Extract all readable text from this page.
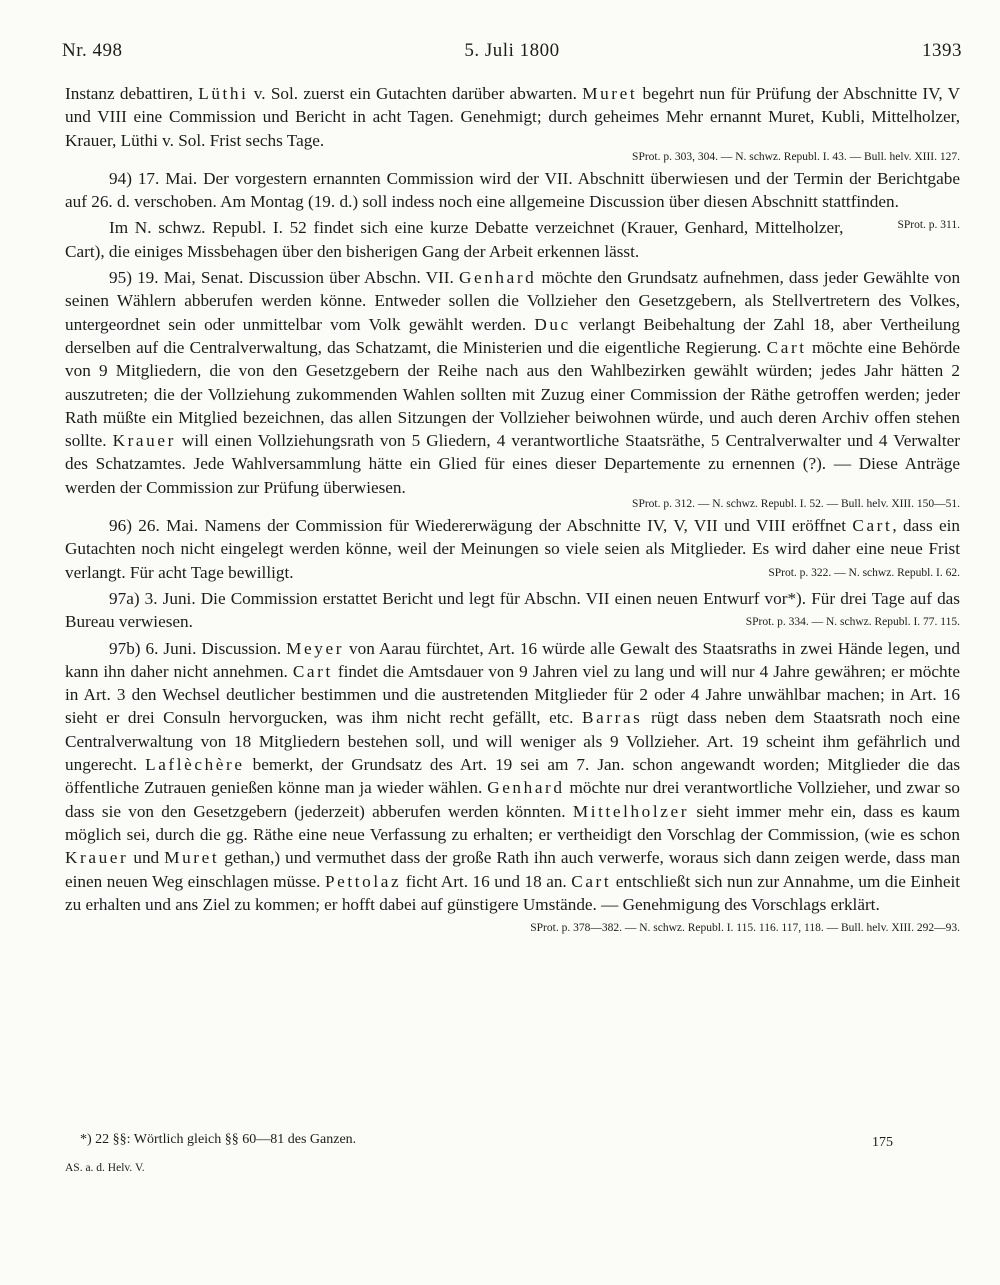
Nr. 498	5. Juli 1800	1393

Instanz debattiren, Lüthi v. Sol. zuerst ein Gutachten darüber abwarten. Muret begehrt nun für Prüfung der Abschnitte IV, V und VIII eine Commission und Bericht in acht Tagen. Genehmigt; durch geheimes Mehr ernannt Muret, Kubli, Mittelholzer, Krauer, Lüthi v. Sol. Frist sechs Tage.

SProt. p. 303, 304. — N. schwz. Republ. I. 43. — Bull. helv. XIII. 127.

94) 17. Mai. Der vorgestern ernannten Commission wird der VII. Abschnitt überwiesen und der Termin der Berichtgabe auf 26. d. verschoben. Am Montag (19. d.) soll indess noch eine allgemeine Discussion über diesen Abschnitt stattfinden.
SProt. p. 311.

Im N. schwz. Republ. I. 52 findet sich eine kurze Debatte verzeichnet (Krauer, Genhard, Mittelholzer, Cart), die einiges Missbehagen über den bisherigen Gang der Arbeit erkennen lässt.

95) 19. Mai, Senat. Discussion über Abschn. VII. Genhard möchte den Grundsatz aufnehmen, dass jeder Gewählte von seinen Wählern abberufen werden könne. Entweder sollen die Vollzieher den Gesetzgebern, als Stellvertretern des Volkes, untergeordnet sein oder unmittelbar vom Volk gewählt werden. Duc verlangt Beibehaltung der Zahl 18, aber Vertheilung derselben auf die Centralverwaltung, das Schatzamt, die Ministerien und die eigentliche Regierung. Cart möchte eine Behörde von 9 Mitgliedern, die von den Gesetzgebern der Reihe nach aus den Wahlbezirken gewählt würden; jedes Jahr hätten 2 auszutreten; die der Vollziehung zukommenden Wahlen sollten mit Zuzug einer Commission der Räthe getroffen werden; jeder Rath müßte ein Mitglied bezeichnen, das allen Sitzungen der Vollzieher beiwohnen würde, und auch deren Archiv offen stehen sollte. Krauer will einen Vollziehungsrath von 5 Gliedern, 4 verantwortliche Staatsräthe, 5 Centralverwalter und 4 Verwalter des Schatzamtes. Jede Wahlversammlung hätte ein Glied für eines dieser Departemente zu ernennen (?). — Diese Anträge werden der Commission zur Prüfung überwiesen.

SProt. p. 312. — N. schwz. Republ. I. 52. — Bull. helv. XIII. 150—51.

96) 26. Mai. Namens der Commission für Wiedererwägung der Abschnitte IV, V, VII und VIII eröffnet Cart, dass ein Gutachten noch nicht eingelegt werden könne, weil der Meinungen so viele seien als Mitglieder. Es wird daher eine neue Frist verlangt. Für acht Tage bewilligt.	SProt. p. 322. — N. schwz. Republ. I. 62.

97a) 3. Juni. Die Commission erstattet Bericht und legt für Abschn. VII einen neuen Entwurf vor*). Für drei Tage auf das Bureau verwiesen.	SProt. p. 334. — N. schwz. Republ. I. 77. 115.

97b) 6. Juni. Discussion. Meyer von Aarau fürchtet, Art. 16 würde alle Gewalt des Staatsraths in zwei Hände legen, und kann ihn daher nicht annehmen. Cart findet die Amtsdauer von 9 Jahren viel zu lang und will nur 4 Jahre gewähren; er möchte in Art. 3 den Wechsel deutlicher bestimmen und die austretenden Mitglieder für 2 oder 4 Jahre unwählbar machen; in Art. 16 sieht er drei Consuln hervorgucken, was ihm nicht recht gefällt, etc. Barras rügt dass neben dem Staatsrath noch eine Centralverwaltung von 18 Mitgliedern bestehen soll, und will weniger als 9 Vollzieher. Art. 19 scheint ihm gefährlich und ungerecht. Laflèchère bemerkt, der Grundsatz des Art. 19 sei am 7. Jan. schon angewandt worden; Mitglieder die das öffentliche Zutrauen genießen könne man ja wieder wählen. Genhard möchte nur drei verantwortliche Vollzieher, und zwar so dass sie von den Gesetzgebern (jederzeit) abberufen werden könnten. Mittelholzer sieht immer mehr ein, dass es kaum möglich sei, durch die gg. Räthe eine neue Verfassung zu erhalten; er vertheidigt den Vorschlag der Commission, (wie es schon Krauer und Muret gethan,) und vermuthet dass der große Rath ihn auch verwerfe, woraus sich dann zeigen werde, dass man einen neuen Weg einschlagen müsse. Pettolaz ficht Art. 16 und 18 an. Cart entschließt sich nun zur Annahme, um die Einheit zu erhalten und ans Ziel zu kommen; er hofft dabei auf günstigere Umstände. — Genehmigung des Vorschlags erklärt.
SProt. p. 378—382. — N. schwz. Republ. I. 115. 116. 117, 118. — Bull. helv. XIII. 292—93.

*) 22 §§: Wörtlich gleich §§ 60—81 des Ganzen.	175
AS. a. d. Helv. V.
